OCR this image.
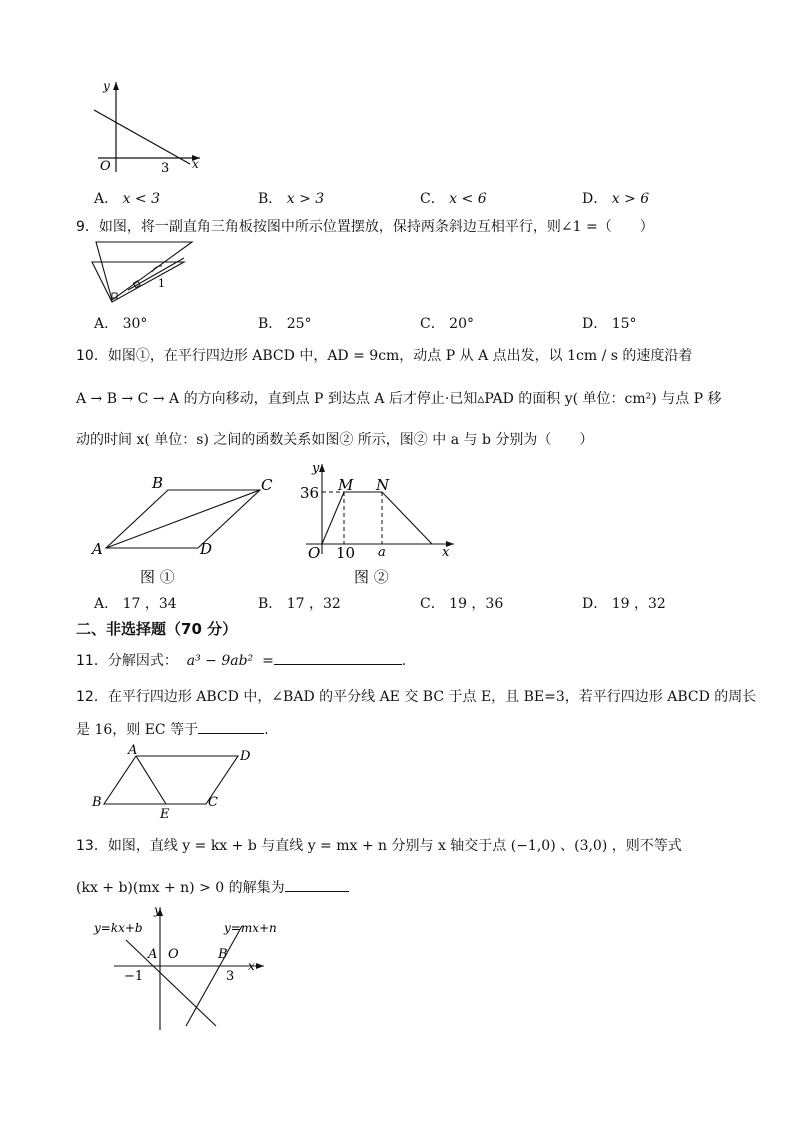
y
x
O	3
A． x < 3	B． x > 3	C． x < 6	D． x > 6
9．如图，将一副直角三角板按图中所示位置摆放，保持两条斜边互相平行，则∠1 =（　　）
1
A． 30°	B． 25°	C． 20°	D． 15°
10．如图①，在平行四边形 ABCD 中，AD = 9cm，动点 P 从 A 点出发，以 1cm / s 的速度沿着
A → B → C → A 的方向移动，直到点 P 到达点 A 后才停止·已知▵PAD 的面积 y( 单位：cm²) 与点 P 移
动的时间 x( 单位：s) 之间的函数关系如图② 所示，图② 中 a 与 b 分别为（　　）
A
B	C
D
图 ①
y
x
O
36 M N
10 a
图 ②
A． 17 ，34	B． 17 ，32	C． 19 ，36	D． 19 ，32
二、非选择题（70 分）
11．分解因式： a³ − 9ab² =	.
12．在平行四边形 ABCD 中，∠BAD 的平分线 AE 交 BC 于点 E，且 BE=3，若平行四边形 ABCD 的周长
是 16，则 EC 等于	.
A	D
B
E
C
13．如图，直线 y = kx + b 与直线 y = mx + n 分别与 x 轴交于点 (−1,0) 、(3,0) ，则不等式
(kx + b)(mx + n) > 0 的解集为
y
x
y=kx+b	y=mx+n
A O	B
−1	3
